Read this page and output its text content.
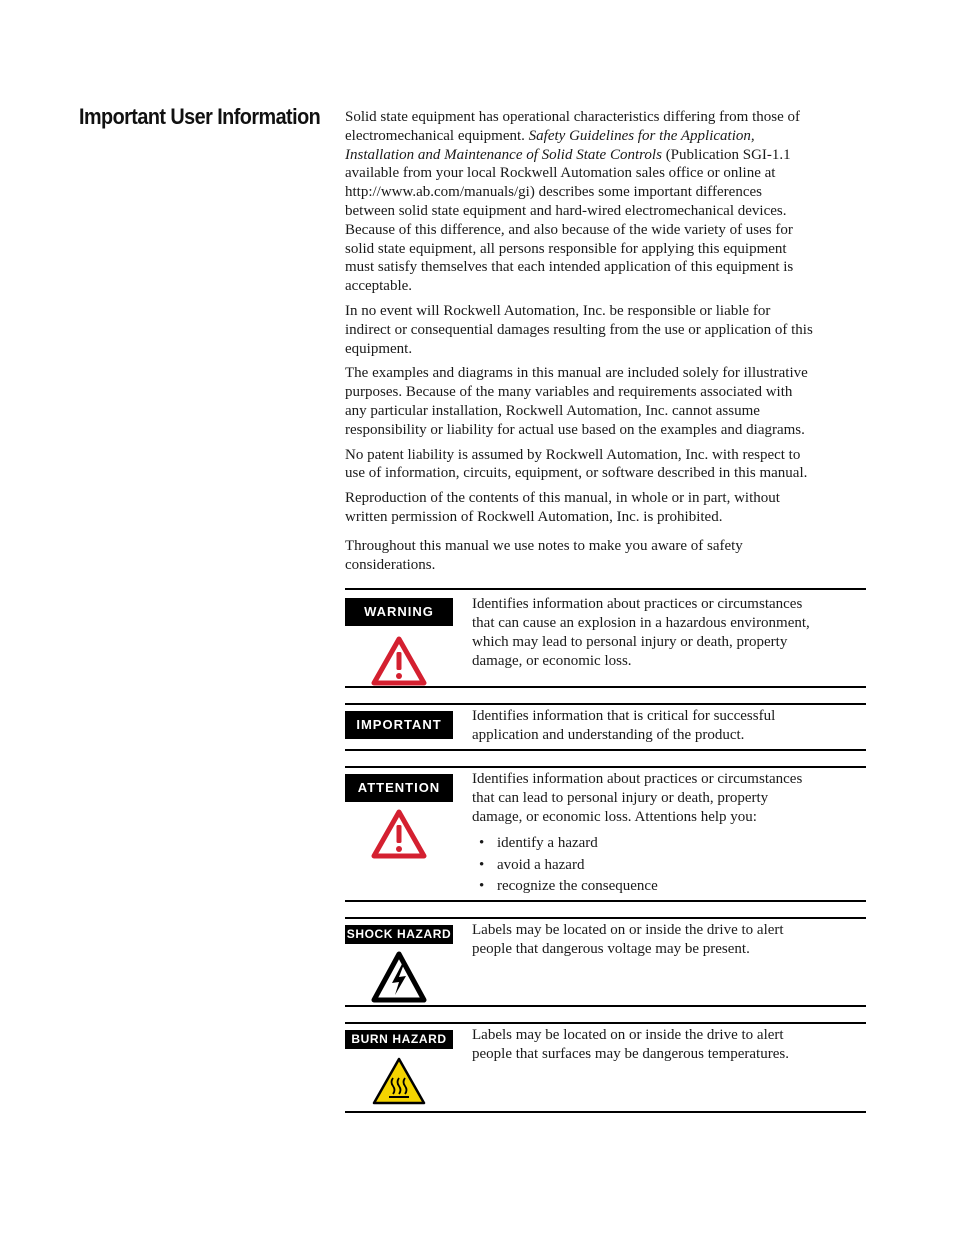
Important User Information Solid state equipment has operational characteristics differing from those of electromechanical equipment. Safety Guidelines for the Application, Installation and Maintenance of Solid State Controls (Publication SGI-1.1 available from your local Rockwell Automation sales office or online at http://www.ab.com/manuals/gi) describes some important differences between solid state equipment and hard-wired electromechanical devices. Because of this difference, and also because of the wide variety of uses for solid state equipment, all persons responsible for applying this equipment must satisfy themselves that each intended application of this equipment is acceptable.

In no event will Rockwell Automation, Inc. be responsible or liable for indirect or consequential damages resulting from the use or application of this equipment.

The examples and diagrams in this manual are included solely for illustrative purposes. Because of the many variables and requirements associated with any particular installation, Rockwell Automation, Inc. cannot assume responsibility or liability for actual use based on the examples and diagrams.

No patent liability is assumed by Rockwell Automation, Inc. with respect to use of information, circuits, equipment, or software described in this manual.

Reproduction of the contents of this manual, in whole or in part, without written permission of Rockwell Automation, Inc. is prohibited.

Throughout this manual we use notes to make you aware of safety considerations.

WARNING	Identifies information about practices or circumstances that can cause an explosion in a hazardous environment, which may lead to personal injury or death, property damage, or economic loss.

IMPORTANT

Identifies information that is critical for successful application and understanding of the product.

ATTENTION

Identifies information about practices or circumstances that can lead to personal injury or death, property damage, or economic loss. Attentions help you:

• identify a hazard
• avoid a hazard
• recognize the consequence
SHOCK HAZARD Labels may be located on or inside the drive to alert people that dangerous voltage may be present.

BURN HAZARD	Labels may be located on or inside the drive to alert people that surfaces may be dangerous temperatures.
